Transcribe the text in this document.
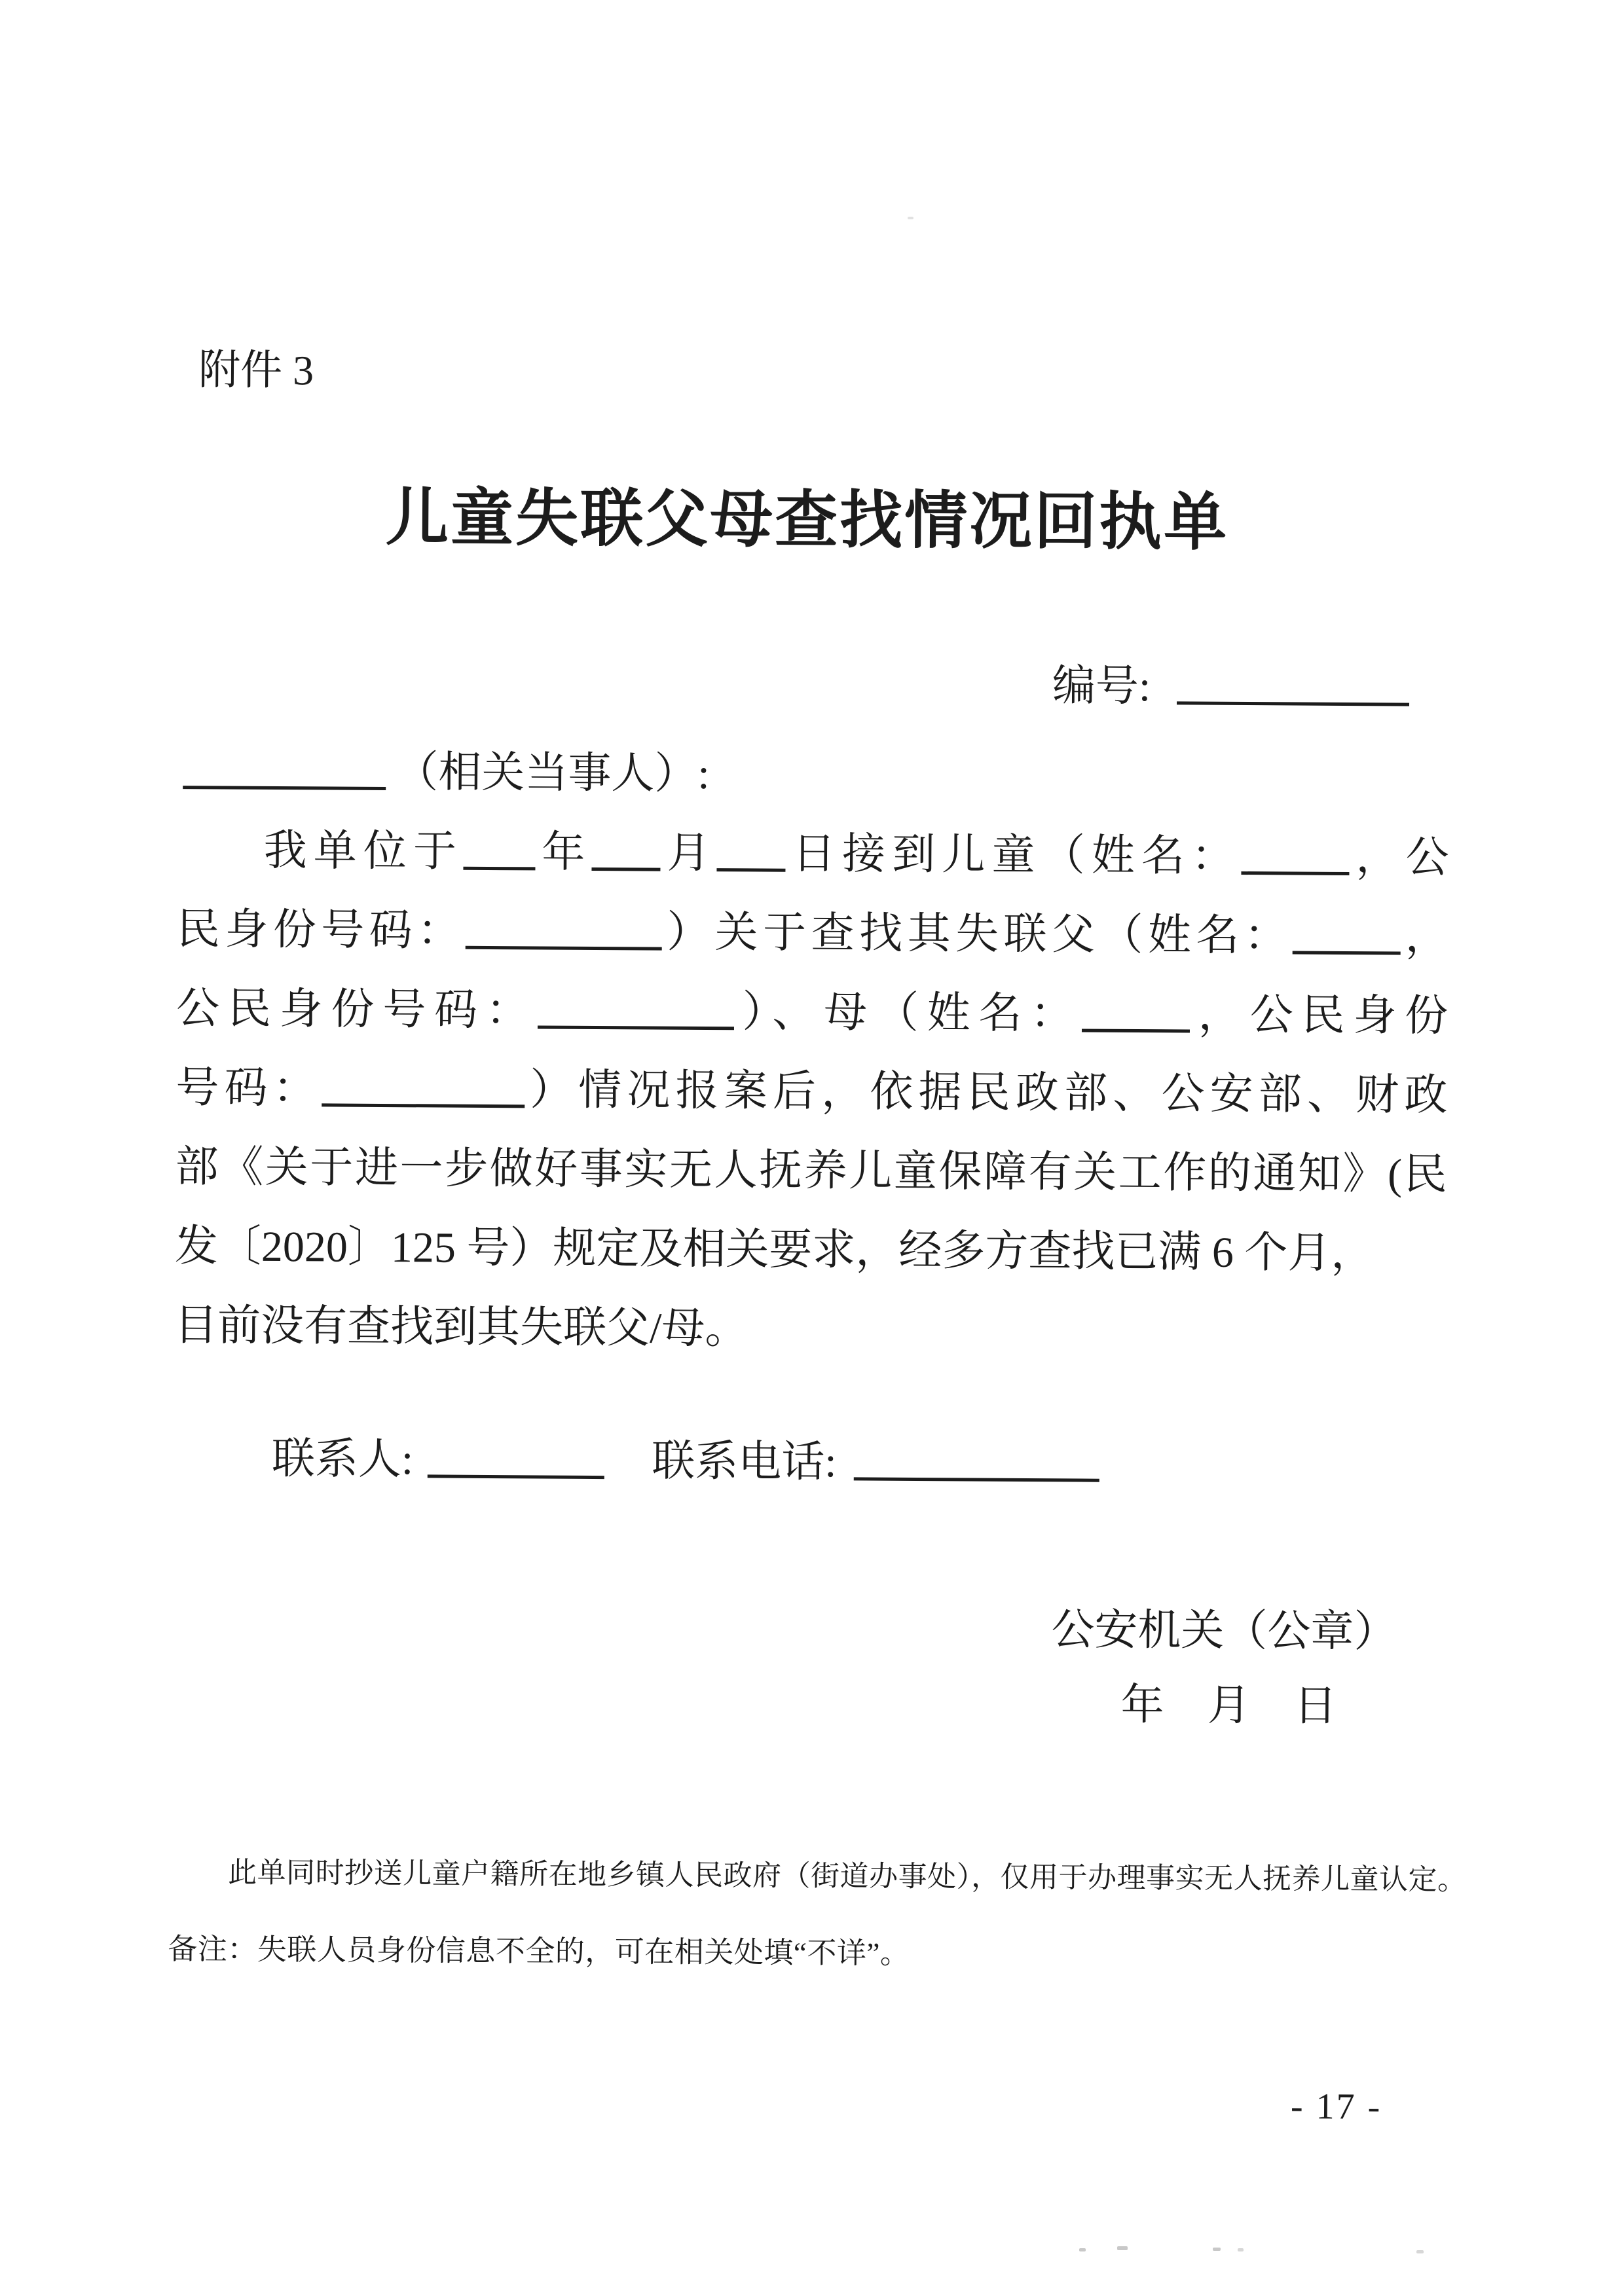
附件 3
儿童失联父母查找情况回执单
编号:
（相关当事人）:
我单位于 年 月 日接到儿童（姓名： ，公
民身份号码：	）关于查找其失联父（姓名： ，
公民身份号码：	）、母（姓名： ，公民身份
号码：	）情况报案后，依据民政部、公安部、财政
部《关于进一步做好事实无人抚养儿童保障有关工作的通知》(民
发〔2020〕125 号）规定及相关要求，经多方查找已满 6 个月，
目前没有查找到其失联父/母。
联系人:	联系电话:
公安机关（公章）
年　月　日
此单同时抄送儿童户籍所在地乡镇人民政府（街道办事处），仅用于办理事实无人抚养儿童认定。
备注：失联人员身份信息不全的，可在相关处填“不详”。
- 17 -
